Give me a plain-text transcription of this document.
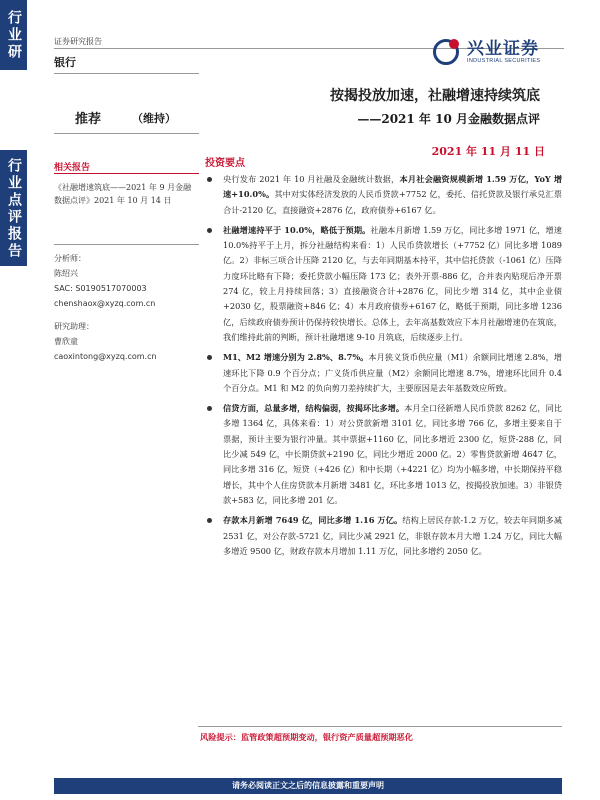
行业研
行业点评报告
证券研究报告
银行
兴业证券
INDUSTRIAL SECURITIES
按揭投放加速，社融增速持续筑底
——2021 年 10 月金融数据点评
推荐	（维持）
2021 年 11 月 11 日
相关报告
《社融增速筑底——2021 年 9 月金融数据点评》2021 年 10 月 14 日
分析师：
陈绍兴
SAC: S0190517070003
chenshaox@xyzq.com.cn
研究助理：
曹欣童
caoxintong@xyzq.com.cn
投资要点
央行发布 2021 年 10 月社融及金融统计数据，本月社会融资规模新增 1.59 万亿，YoY 增速+10.0%。其中对实体经济发放的人民币贷款+7752 亿，委托、信托贷款及银行承兑汇票合计-2120 亿，直接融资+2876 亿，政府债券+6167 亿。
社融增速持平于 10.0%，略低于预期。社融本月新增 1.59 万亿，同比多增 1971 亿，增速 10.0%持平于上月，拆分社融结构来看：1）人民币贷款增长（+7752 亿）同比多增 1089 亿。2）非标三项合计压降 2120 亿，与去年同期基本持平，其中信托贷款（-1061 亿）压降力度环比略有下降；委托贷款小幅压降 173 亿；表外开票-886 亿，合并表内贴现后净开票 274 亿，较上月持续回落；3）直接融资合计+2876 亿，同比少增 314 亿，其中企业债+2030 亿，股票融资+846 亿；4）本月政府债券+6167 亿，略低于预期，同比多增 1236 亿，后续政府债券预计仍保持较快增长。总体上，去年高基数效应下本月社融增速仍在筑底，我们维持此前的判断，预计社融增速 9-10 月筑底，后续逐步上行。
M1、M2 增速分别为 2.8%、8.7%。本月狭义货币供应量（M1）余额同比增速 2.8%，增速环比下降 0.9 个百分点；广义货币供应量（M2）余额同比增速 8.7%，增速环比回升 0.4 个百分点。M1 和 M2 的负向剪刀差持续扩大，主要原因是去年基数效应所致。
信贷方面，总量多增，结构偏弱，按揭环比多增。本月全口径新增人民币贷款 8262 亿，同比多增 1364 亿，具体来看：1）对公贷款新增 3101 亿，同比多增 766 亿，多增主要来自于票据，预计主要为银行冲量。其中票据+1160 亿，同比多增近 2300 亿，短贷-288 亿，同比少减 549 亿，中长期贷款+2190 亿，同比少增近 2000 亿。2）零售贷款新增 4647 亿，同比多增 316 亿，短贷（+426 亿）和中长期（+4221 亿）均为小幅多增，中长期保持平稳增长，其中个人住房贷款本月新增 3481 亿，环比多增 1013 亿，按揭投放加速。3）非银贷款+583 亿，同比多增 201 亿。
存款本月新增 7649 亿，同比多增 1.16 万亿。结构上居民存款-1.2 万亿，较去年同期多减 2531 亿，对公存款-5721 亿，同比少减 2921 亿，非银存款本月大增 1.24 万亿，同比大幅多增近 9500 亿，财政存款本月增加 1.11 万亿，同比多增约 2050 亿。
风险提示：监管政策超预期变动，银行资产质量超预期恶化
请务必阅读正文之后的信息披露和重要声明
